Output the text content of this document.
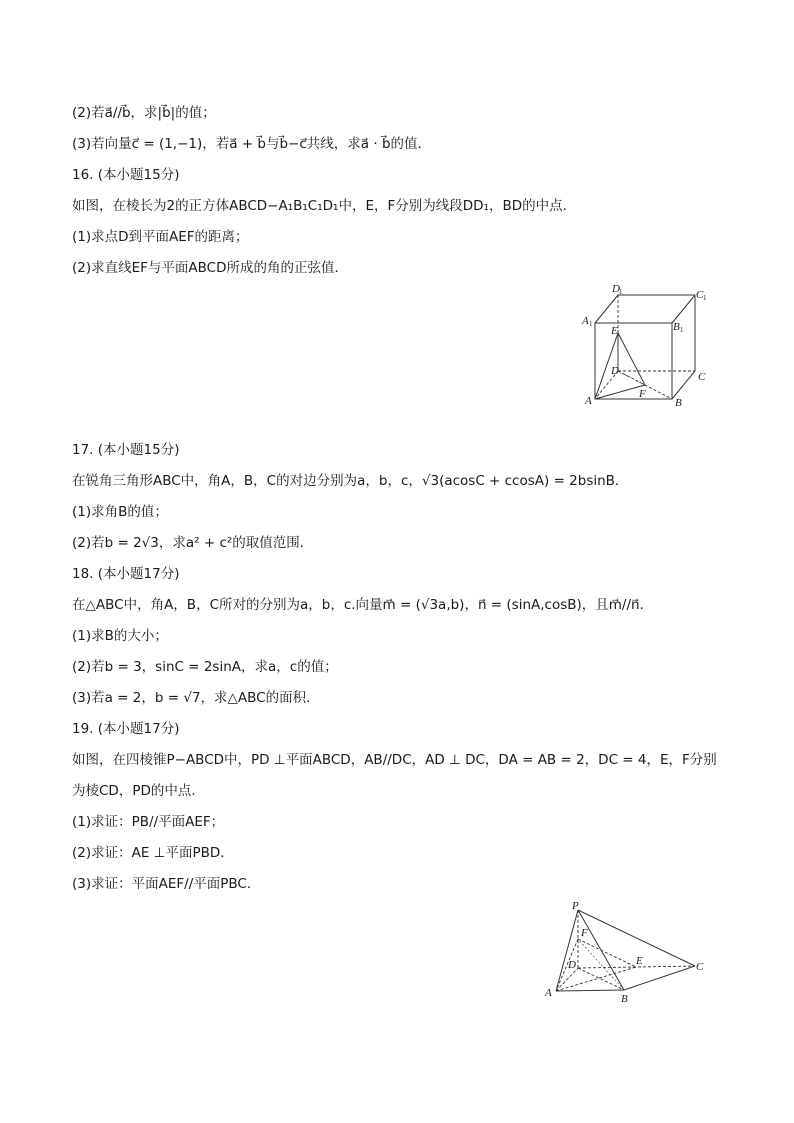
(2)若a⃗//b⃗，求|b⃗|的值；
(3)若向量c⃗ = (1,−1)，若a⃗ + b⃗与b⃗−c⃗共线，求a⃗ · b⃗的值．
16. (本小题15分)
如图，在棱长为2的正方体ABCD−A₁B₁C₁D₁中，E，F分别为线段DD₁，BD的中点．
(1)求点D到平面AEF的距离；
(2)求直线EF与平面ABCD所成的角的正弦值．
D 1	C 1
A 1	B 1
E
D	C
A	B
F
17. (本小题15分)
在锐角三角形ABC中，角A，B，C的对边分别为a，b，c，√3(acosC + ccosA) = 2bsinB．
(1)求角B的值；
(2)若b = 2√3，求a² + c²的取值范围．
18. (本小题17分)
在△ABC中，角A，B，C所对的分别为a，b，c.向量m⃗ = (√3a,b)，n⃗ = (sinA,cosB)，且m⃗//n⃗．
(1)求B的大小；
(2)若b = 3，sinC = 2sinA，求a，c的值；
(3)若a = 2，b = √7，求△ABC的面积．
19. (本小题17分)
如图，在四棱锥P−ABCD中，PD ⊥平面ABCD，AB//DC，AD ⊥ DC，DA = AB = 2，DC = 4，E，F分别
为棱CD，PD的中点．
(1)求证：PB//平面AEF；
(2)求证：AE ⊥平面PBD．
(3)求证：平面AEF//平面PBC．
P
F
D	E	C
A	B
